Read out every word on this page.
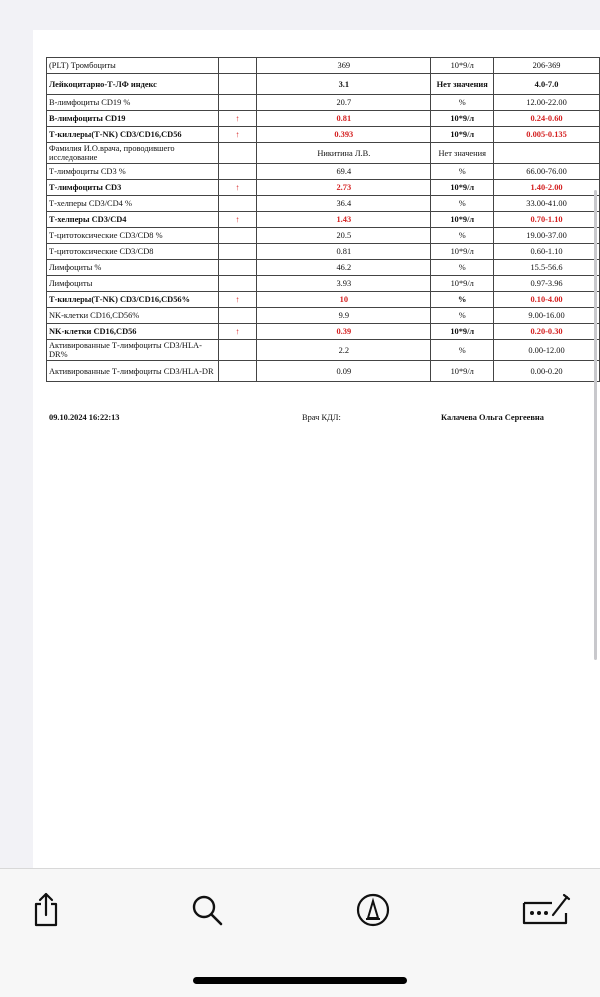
(PLT) Тромбоциты		369	10*9/л	206-369
Лейкоцитарно-Т-ЛФ индекс		3.1	Нет значения	4.0-7.0
В-лимфоциты CD19 %		20.7	%	12.00-22.00
В-лимфоциты CD19	↑	0.81	10*9/л	0.24-0.60
Т-киллеры(Т-NK) CD3/CD16,CD56	↑	0.393	10*9/л	0.005-0.135
Фамилия И.О.врача, проводившего исследование		Никитина Л.В.	Нет значения	
Т-лимфоциты CD3 %		69.4	%	66.00-76.00
Т-лимфоциты CD3	↑	2.73	10*9/л	1.40-2.00
Т-хелперы CD3/CD4 %		36.4	%	33.00-41.00
Т-хелперы CD3/CD4	↑	1.43	10*9/л	0.70-1.10
Т-цитотоксические CD3/CD8 %		20.5	%	19.00-37.00
Т-цитотоксические CD3/CD8		0.81	10*9/л	0.60-1.10
Лимфоциты %		46.2	%	15.5-56.6
Лимфоциты		3.93	10*9/л	0.97-3.96
Т-киллеры(Т-NK) CD3/CD16,CD56%	↑	10	%	0.10-4.00
NK-клетки CD16,CD56%		9.9	%	9.00-16.00
NK-клетки CD16,CD56	↑	0.39	10*9/л	0.20-0.30
Активированные Т-лимфоциты CD3/HLA-DR%		2.2	%	0.00-12.00
Активированные Т-лимфоциты CD3/HLA-DR		0.09	10*9/л	0.00-0.20
09.10.2024 16:22:13	Врач КДЛ:	Калачева Ольга Сергеевна
